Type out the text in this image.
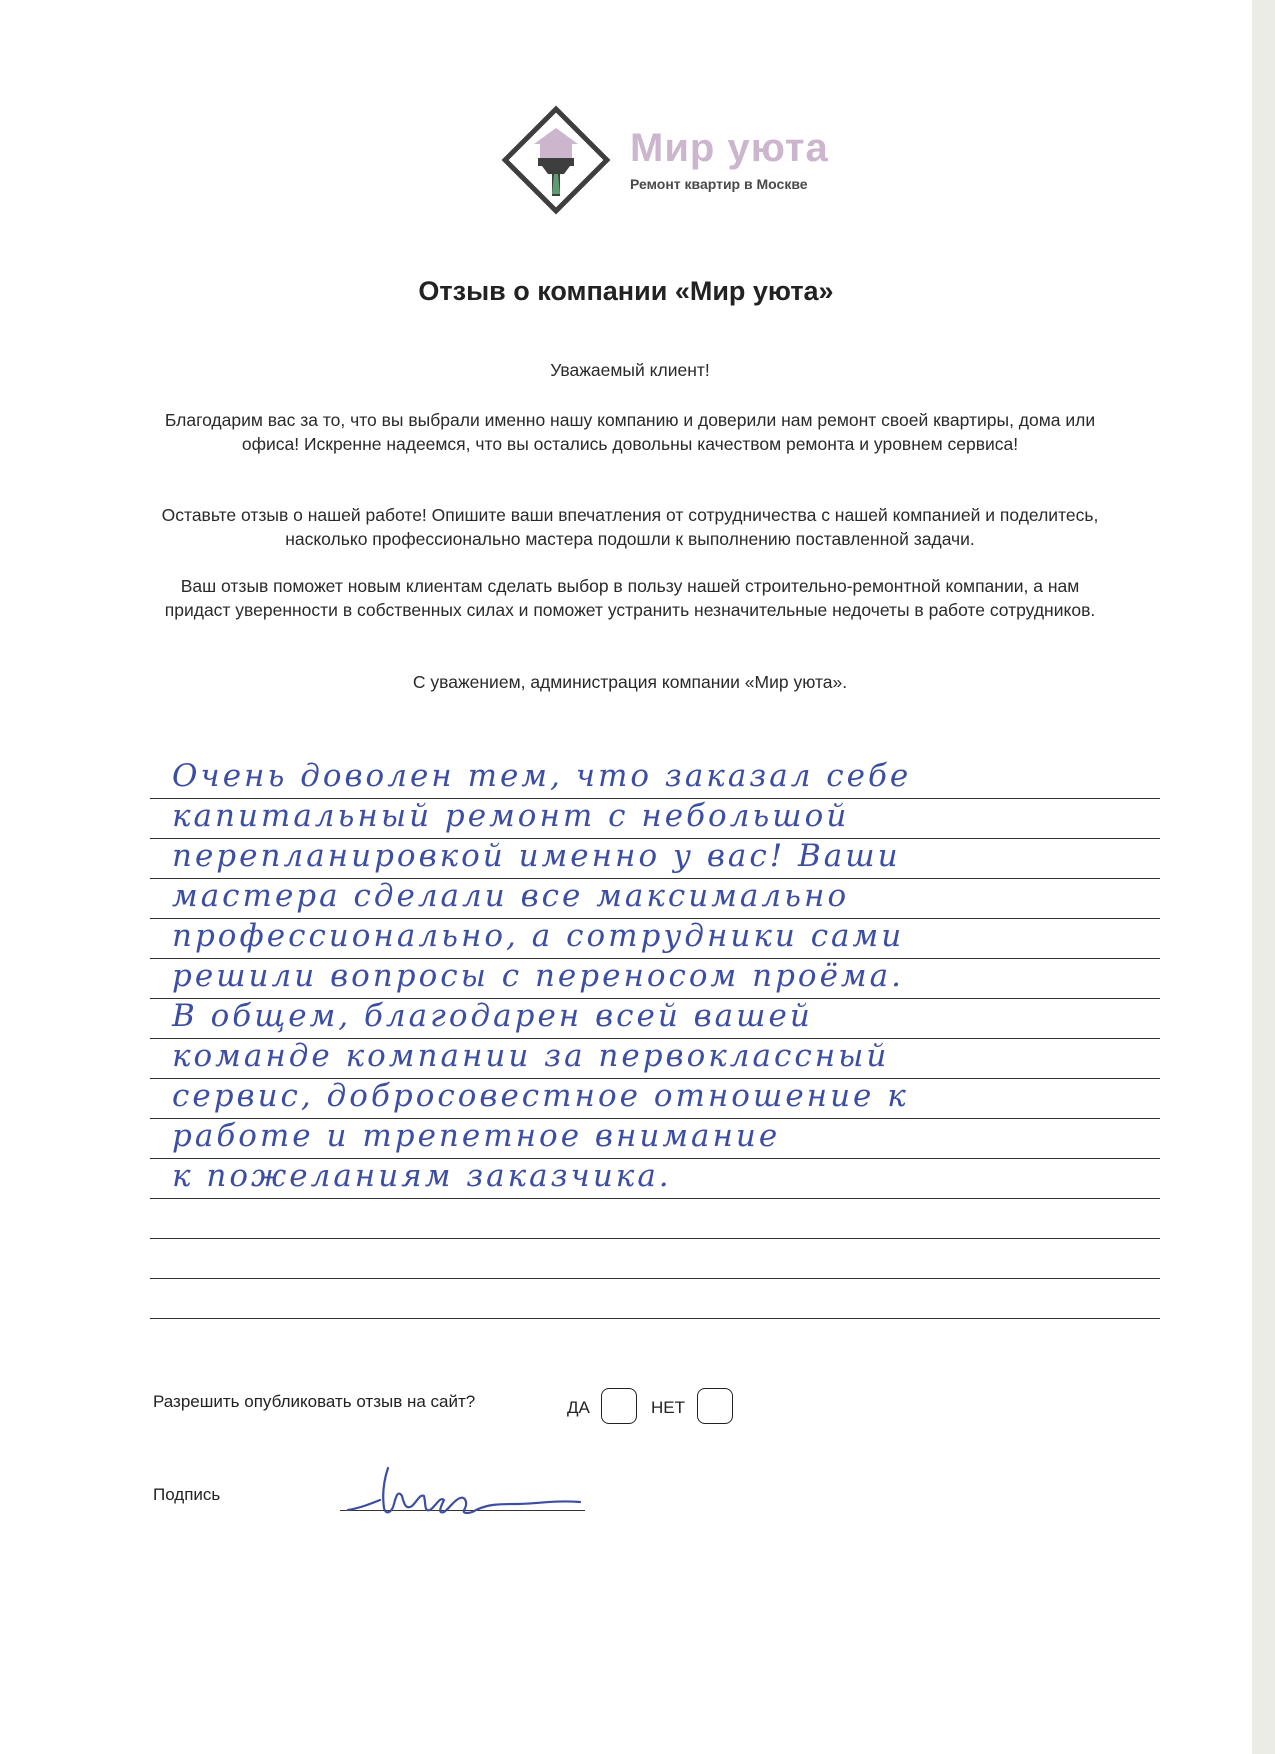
Мир уюта
Ремонт квартир в Москве
Отзыв о компании «Мир уюта»
Уважаемый клиент!
Благодарим вас за то, что вы выбрали именно нашу компанию и доверили нам ремонт своей квартиры, дома или офиса! Искренне надеемся, что вы остались довольны качеством ремонта и уровнем сервиса!
Оставьте отзыв о нашей работе! Опишите ваши впечатления от сотрудничества с нашей компанией и поделитесь, насколько профессионально мастера подошли к выполнению поставленной задачи.
Ваш отзыв поможет новым клиентам сделать выбор в пользу нашей строительно-ремонтной компании, а нам придаст уверенности в собственных силах и поможет устранить незначительные недочеты в работе сотрудников.
С уважением, администрация компании «Мир уюта».
Очень доволен тем, что заказал себе
капитальный ремонт с небольшой
перепланировкой именно у вас! Ваши
мастера сделали все максимально
профессионально, а сотрудники сами
решили вопросы с переносом проёма.
В общем, благодарен всей вашей
команде компании за первоклассный
сервис, добросовестное отношение к
работе и трепетное внимание
к пожеланиям заказчика.
Разрешить опубликовать отзыв на сайт?	ДА	НЕТ
Подпись
